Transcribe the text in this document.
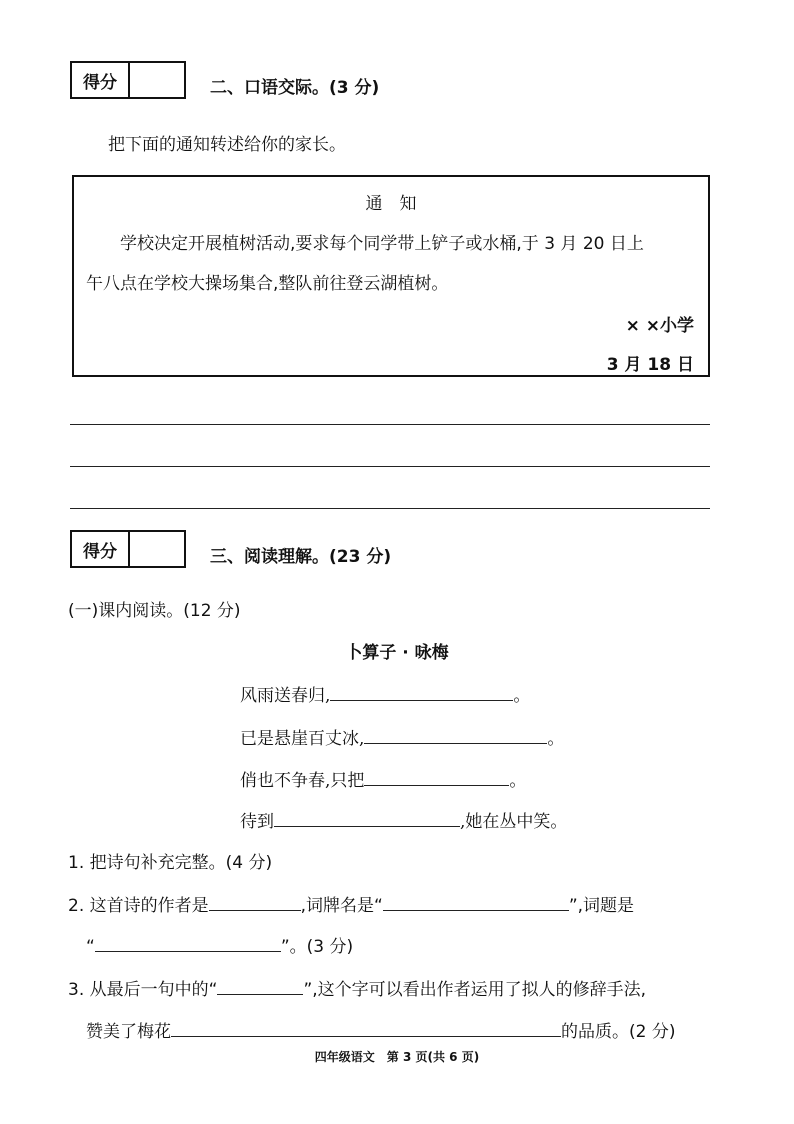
得分	二、口语交际。(3 分)
把下面的通知转述给你的家长。
通　知
学校决定开展植树活动,要求每个同学带上铲子或水桶,于 3 月 20 日上
午八点在学校大操场集合,整队前往登云湖植树。
× ×小学
3 月 18 日
得分	三、阅读理解。(23 分)
(一)课内阅读。(12 分)
卜算子 · 咏梅
风雨送春归,	。
已是悬崖百丈冰,	。
俏也不争春,只把	。
待到	,她在丛中笑。
1. 把诗句补充完整。(4 分)
2. 这首诗的作者是	,词牌名是“	”,词题是
“	”。(3 分)
3. 从最后一句中的“	”,这个字可以看出作者运用了拟人的修辞手法,
赞美了梅花	的品质。(2 分)
四年级语文　第 3 页(共 6 页)
